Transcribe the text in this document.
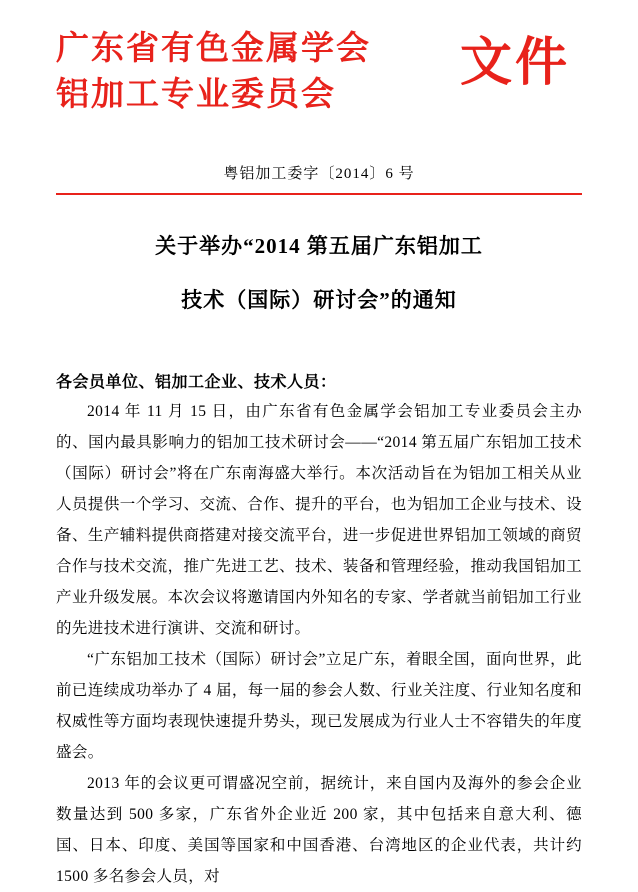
广东省有色金属学会
铝加工专业委员会
文件
粤铝加工委字〔2014〕6 号
关于举办“2014 第五届广东铝加工
技术（国际）研讨会”的通知
各会员单位、铝加工企业、技术人员：

2014 年 11 月 15 日，由广东省有色金属学会铝加工专业委员会主办的、国内最具影响力的铝加工技术研讨会——“2014 第五届广东铝加工技术（国际）研讨会”将在广东南海盛大举行。本次活动旨在为铝加工相关从业人员提供一个学习、交流、合作、提升的平台，也为铝加工企业与技术、设备、生产辅料提供商搭建对接交流平台，进一步促进世界铝加工领域的商贸合作与技术交流，推广先进工艺、技术、装备和管理经验，推动我国铝加工产业升级发展。本次会议将邀请国内外知名的专家、学者就当前铝加工行业的先进技术进行演讲、交流和研讨。

“广东铝加工技术（国际）研讨会”立足广东，着眼全国，面向世界，此前已连续成功举办了 4 届，每一届的参会人数、行业关注度、行业知名度和权威性等方面均表现快速提升势头，现已发展成为行业人士不容错失的年度盛会。

2013 年的会议更可谓盛况空前，据统计，来自国内及海外的参会企业数量达到 500 多家，广东省外企业近 200 家，其中包括来自意大利、德国、日本、印度、美国等国家和中国香港、台湾地区的企业代表，共计约 1500 多名参会人员，对
